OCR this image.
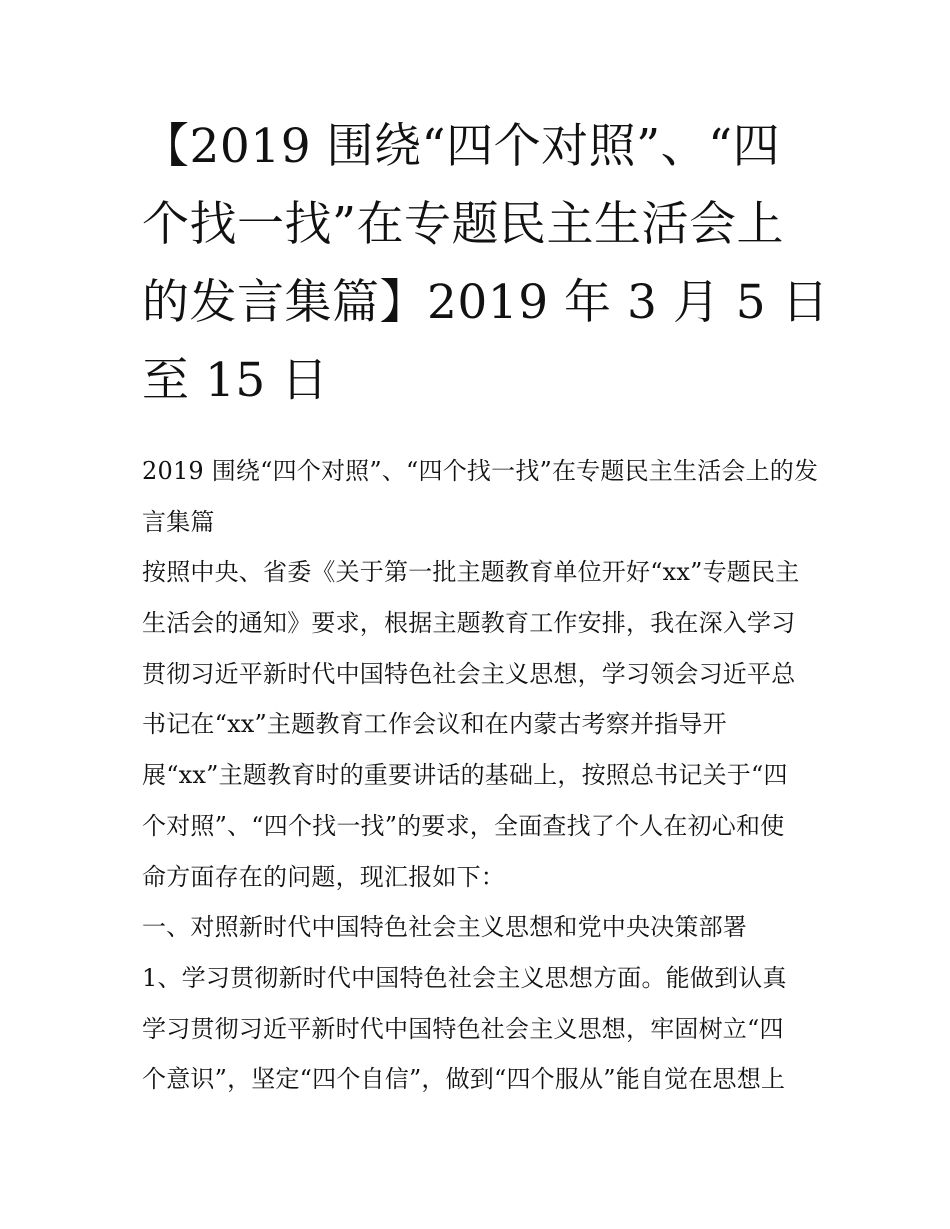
【2019 围绕“四个对照”、“四
个找一找”在专题民主生活会上
的发言集篇】2019 年 3 月 5 日
至 15 日
2019 围绕“四个对照”、“四个找一找”在专题民主生活会上的发
言集篇
按照中央、省委《关于第一批主题教育单位开好“xx”专题民主
生活会的通知》要求，根据主题教育工作安排，我在深入学习
贯彻习近平新时代中国特色社会主义思想，学习领会习近平总
书记在“xx”主题教育工作会议和在内蒙古考察并指导开
展“xx”主题教育时的重要讲话的基础上，按照总书记关于“四
个对照”、“四个找一找”的要求，全面查找了个人在初心和使
命方面存在的问题，现汇报如下：
一、对照新时代中国特色社会主义思想和党中央决策部署
1、学习贯彻新时代中国特色社会主义思想方面。能做到认真
学习贯彻习近平新时代中国特色社会主义思想，牢固树立“四
个意识”，坚定“四个自信”，做到“四个服从”能自觉在思想上
